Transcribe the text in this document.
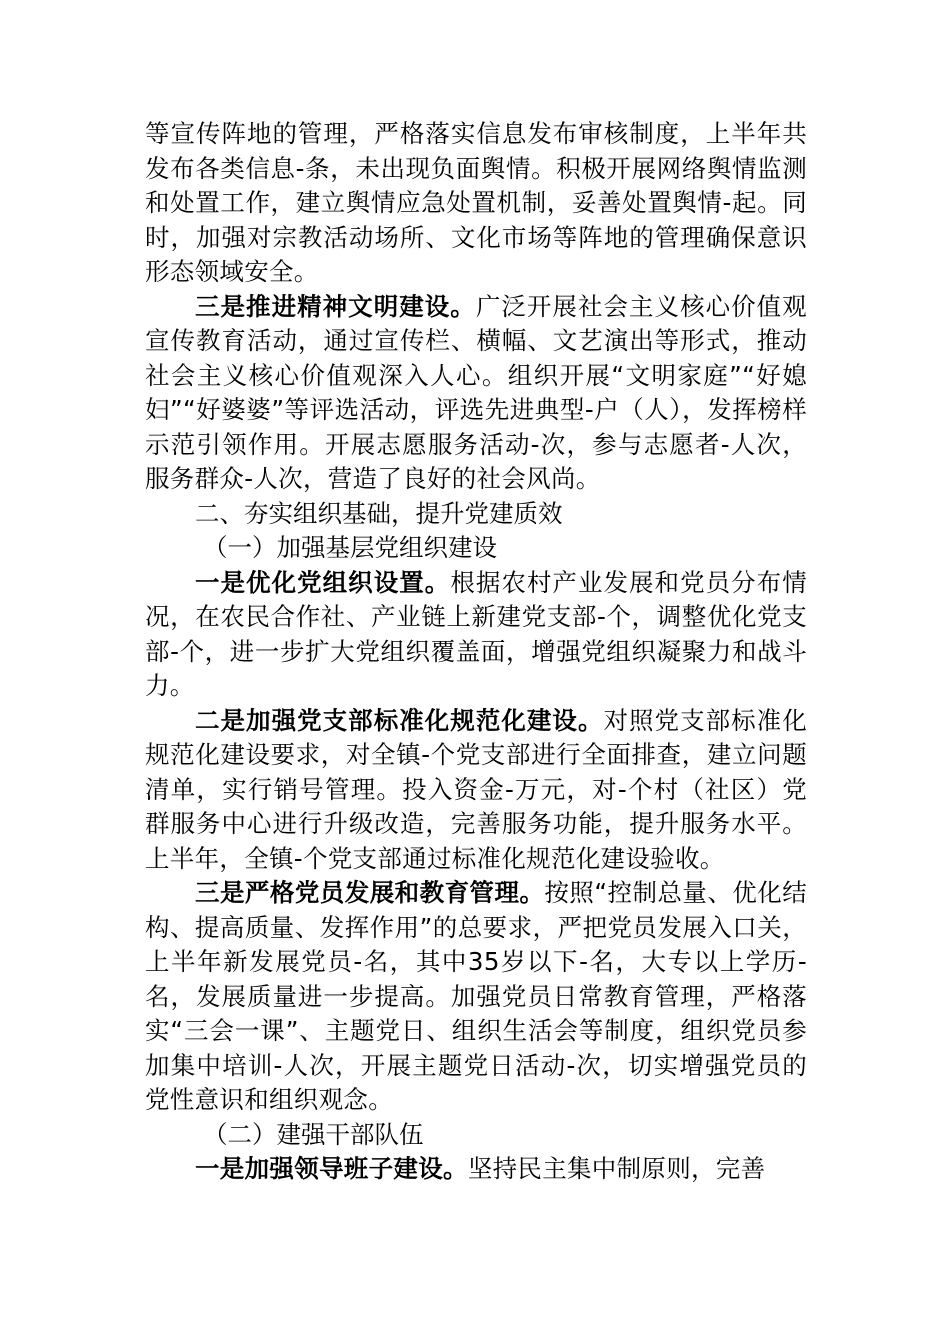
等宣传阵地的管理，严格落实信息发布审核制度，上半年共发布各类信息-条，未出现负面舆情。积极开展网络舆情监测和处置工作，建立舆情应急处置机制，妥善处置舆情-起。同时，加强对宗教活动场所、文化市场等阵地的管理确保意识形态领域安全。

三是推进精神文明建设。广泛开展社会主义核心价值观宣传教育活动，通过宣传栏、横幅、文艺演出等形式，推动社会主义核心价值观深入人心。组织开展“文明家庭”“好媳妇”“好婆婆”等评选活动，评选先进典型-户（人），发挥榜样示范引领作用。开展志愿服务活动-次，参与志愿者-人次，服务群众-人次，营造了良好的社会风尚。

二、夯实组织基础，提升党建质效

（一）加强基层党组织建设

一是优化党组织设置。根据农村产业发展和党员分布情况，在农民合作社、产业链上新建党支部-个，调整优化党支部-个，进一步扩大党组织覆盖面，增强党组织凝聚力和战斗力。

二是加强党支部标准化规范化建设。对照党支部标准化规范化建设要求，对全镇-个党支部进行全面排查，建立问题清单，实行销号管理。投入资金-万元，对-个村（社区）党群服务中心进行升级改造，完善服务功能，提升服务水平。上半年，全镇-个党支部通过标准化规范化建设验收。

三是严格党员发展和教育管理。按照“控制总量、优化结构、提高质量、发挥作用”的总要求，严把党员发展入口关，上半年新发展党员-名，其中35岁以下-名，大专以上学历-名，发展质量进一步提高。加强党员日常教育管理，严格落实“三会一课”、主题党日、组织生活会等制度，组织党员参加集中培训-人次，开展主题党日活动-次，切实增强党员的党性意识和组织观念。

（二）建强干部队伍

一是加强领导班子建设。坚持民主集中制原则，完善
